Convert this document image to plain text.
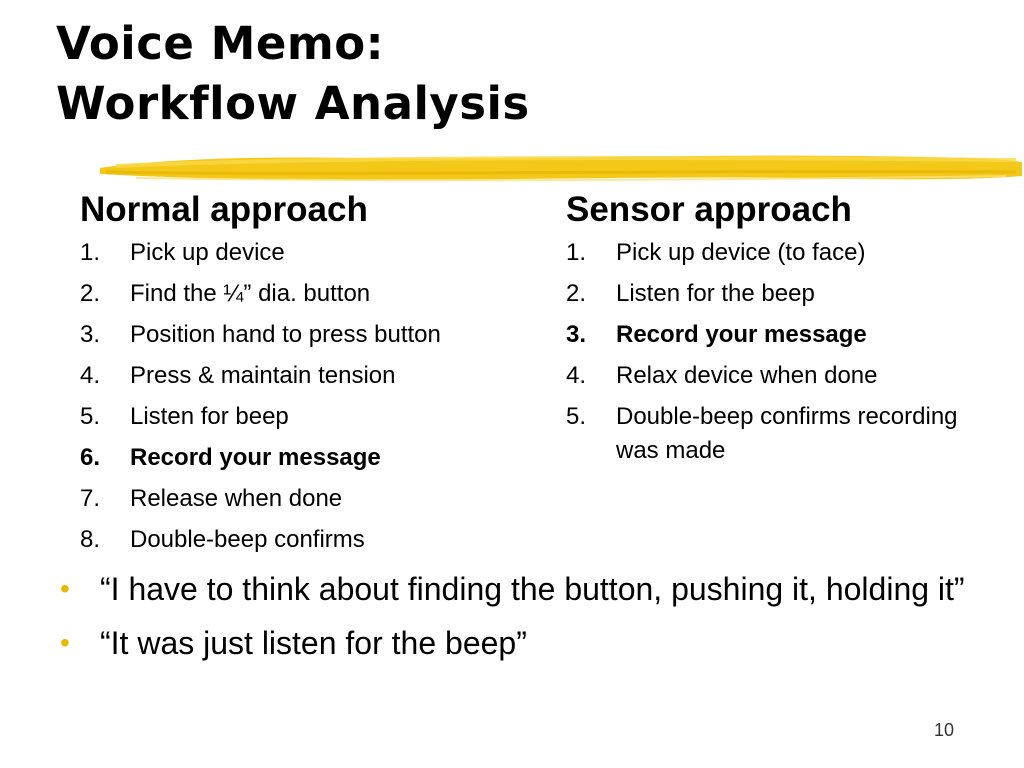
Voice Memo:
Workflow Analysis
Normal approach
1.	Pick up device
2.	Find the ¼” dia. button
3.	Position hand to press button
4.	Press & maintain tension
5.	Listen for beep
6.	Record your message
7.	Release when done
8.	Double-beep confirms
Sensor approach
1.	Pick up device (to face)
2.	Listen for the beep
3.	Record your message
4.	Relax device when done
5.	Double-beep confirms recording was made
• “I have to think about finding the button, pushing it, holding it”
• “It was just listen for the beep”
10
